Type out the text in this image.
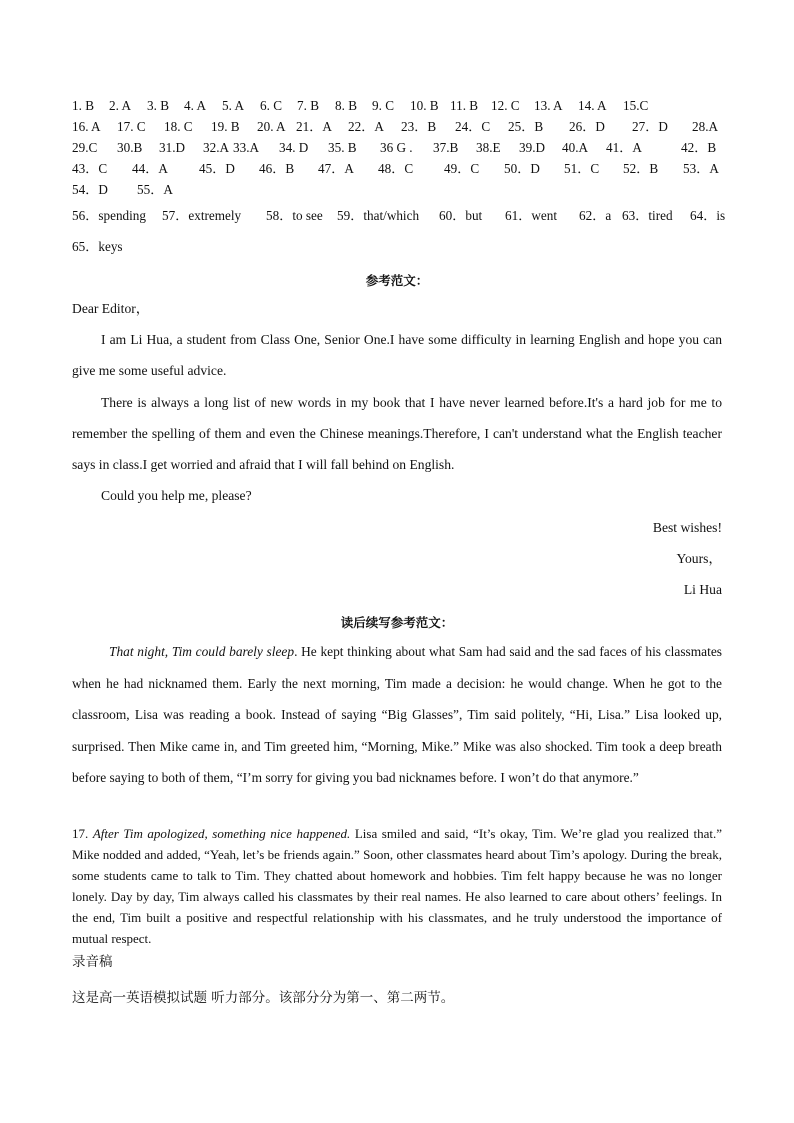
1. B 2. A 3. B 4. A 5. A 6. C 7. B 8. B 9. C 10. B 11. B 12. C 13. A 14. A 15.C
16. A 17. C 18. C 19. B 20. A 21．A 22．A 23．B 24．C 25．B 26．D 27．D 28.A
29.C 30.B 31.D 32.A 33.A 34. D 35. B 36 G . 37.B 38.E 39.D 40.A 41．A	42．B
43．C 44．A 45．D 46．B 47．A 48．C 49．C 50．D 51．C 52．B 53．A
54．D 55．A
56．spending 57．extremely 58．to see 59．that/which 60．but 61．went 62．a 63．tired 64．is
65．keys
参考范文：
Dear Editor，
I am Li Hua, a student from Class One, Senior One.I have some difficulty in learning English and hope you can give me some useful advice.
There is always a long list of new words in my book that I have never learned before.It's a hard job for me to remember the spelling of them and even the Chinese meanings.Therefore, I can't understand what the English teacher says in class.I get worried and afraid that I will fall behind on English.
Could you help me, please?
Best wishes!
Yours，
Li Hua
读后续写参考范文：
That night, Tim could barely sleep. He kept thinking about what Sam had said and the sad faces of his classmates when he had nicknamed them. Early the next morning, Tim made a decision: he would change. When he got to the classroom, Lisa was reading a book. Instead of saying “Big Glasses”, Tim said politely, “Hi, Lisa.” Lisa looked up, surprised. Then Mike came in, and Tim greeted him, “Morning, Mike.” Mike was also shocked. Tim took a deep breath before saying to both of them, “I’m sorry for giving you bad nicknames before. I won’t do that anymore.”
17. After Tim apologized, something nice happened. Lisa smiled and said, “It’s okay, Tim. We’re glad you realized that.” Mike nodded and added, “Yeah, let’s be friends again.” Soon, other classmates heard about Tim’s apology. During the break, some students came to talk to Tim. They chatted about homework and hobbies. Tim felt happy because he was no longer lonely. Day by day, Tim always called his classmates by their real names. He also learned to care about others’ feelings. In the end, Tim built a positive and respectful relationship with his classmates, and he truly understood the importance of mutual respect.
录音稿
这是高一英语模拟试题 听力部分。该部分分为第一、第二两节。
